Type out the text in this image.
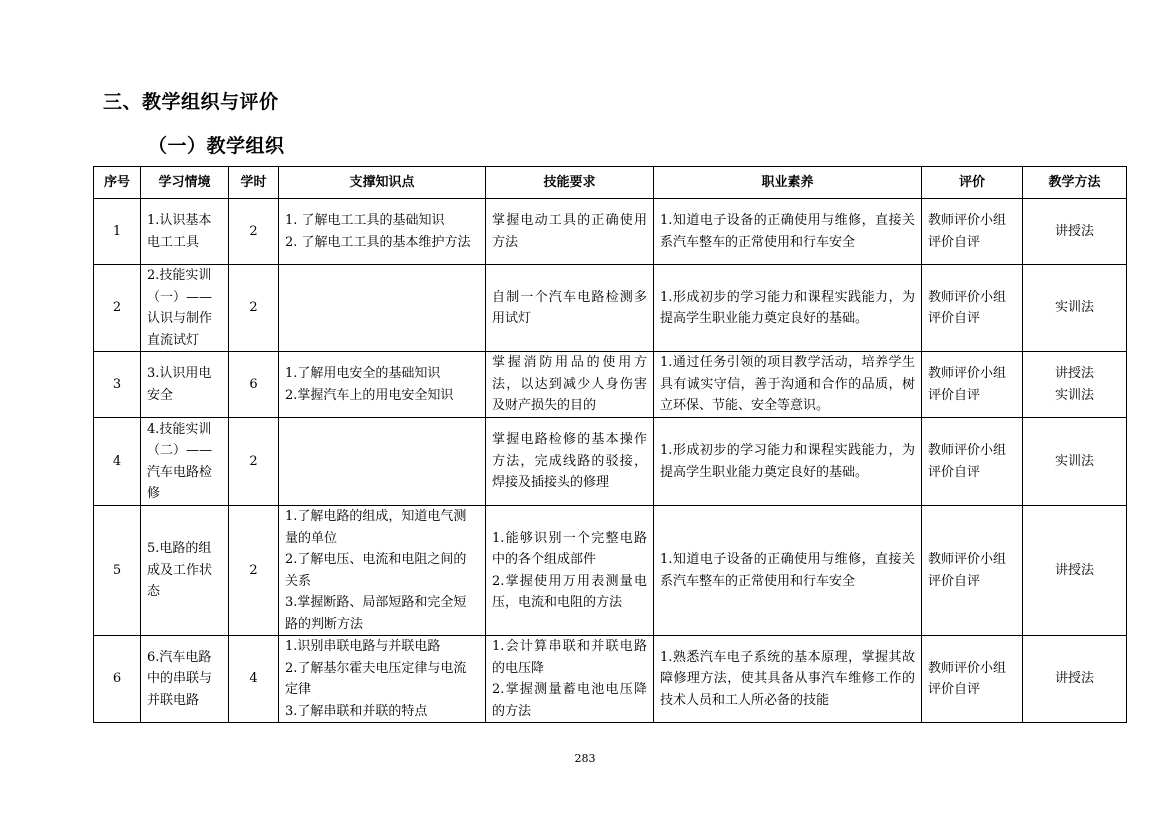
三、教学组织与评价
（一）教学组织
序号	学习情境	学时	支撑知识点	技能要求	职业素养	评价	教学方法
1	1.认识基本电工工具	2	1. 了解电工工具的基础知识
2. 了解电工工具的基本维护方法	掌握电动工具的正确使用方法	1.知道电子设备的正确使用与维修，直接关系汽车整车的正常使用和行车安全	教师评价小组评价自评	讲授法

2	2.技能实训（一）——认识与制作直流试灯	2		自制一个汽车电路检测多用试灯	1.形成初步的学习能力和课程实践能力，为提高学生职业能力奠定良好的基础。	教师评价小组评价自评	实训法

3	3.认识用电安全	6	1.了解用电安全的基础知识
2.掌握汽车上的用电安全知识	掌握消防用品的使用方法，以达到减少人身伤害及财产损失的目的	1.通过任务引领的项目教学活动，培养学生具有诚实守信，善于沟通和合作的品质，树立环保、节能、安全等意识。	教师评价小组评价自评	讲授法
实训法

4	4.技能实训（二）——汽车电路检修	2		掌握电路检修的基本操作方法，完成线路的驳接，焊接及插接头的修理	1.形成初步的学习能力和课程实践能力，为提高学生职业能力奠定良好的基础。	教师评价小组评价自评	实训法

5	5.电路的组成及工作状态	2	1.了解电路的组成，知道电气测量的单位
2.了解电压、电流和电阻之间的关系
3.掌握断路、局部短路和完全短路的判断方法	1.能够识别一个完整电路中的各个组成部件
2.掌握使用万用表测量电压，电流和电阻的方法	1.知道电子设备的正确使用与维修，直接关系汽车整车的正常使用和行车安全	教师评价小组评价自评	讲授法

6	6.汽车电路中的串联与并联电路	4	1.识别串联电路与并联电路
2.了解基尔霍夫电压定律与电流定律
3.了解串联和并联的特点	1.会计算串联和并联电路的电压降
2.掌握测量蓄电池电压降的方法	1.熟悉汽车电子系统的基本原理，掌握其故障修理方法，使其具备从事汽车维修工作的技术人员和工人所必备的技能	教师评价小组评价自评	讲授法
283
